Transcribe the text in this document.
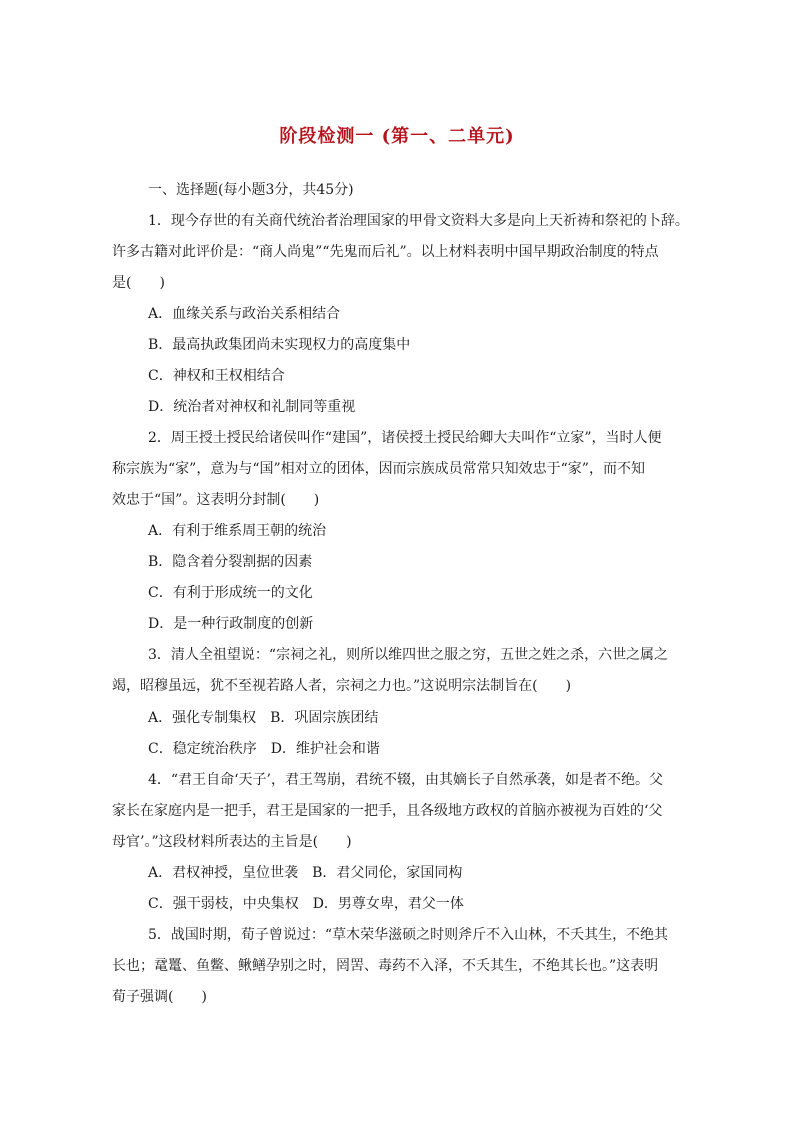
阶段检测一 (第一、二单元)
一、选择题(每小题3分，共45分)
1．现今存世的有关商代统治者治理国家的甲骨文资料大多是向上天祈祷和祭祀的卜辞。
许多古籍对此评价是：“商人尚鬼”“先鬼而后礼”。以上材料表明中国早期政治制度的特点
是(　　)
A．血缘关系与政治关系相结合
B．最高执政集团尚未实现权力的高度集中
C．神权和王权相结合
D．统治者对神权和礼制同等重视
2．周王授土授民给诸侯叫作“建国”，诸侯授土授民给卿大夫叫作“立家”，当时人便
称宗族为“家”，意为与“国”相对立的团体，因而宗族成员常常只知效忠于“家”，而不知
效忠于“国”。这表明分封制(　　)
A．有利于维系周王朝的统治
B．隐含着分裂割据的因素
C．有利于形成统一的文化
D．是一种行政制度的创新
3．清人全祖望说：“宗祠之礼，则所以维四世之服之穷，五世之姓之杀，六世之属之
竭，昭穆虽远，犹不至视若路人者，宗祠之力也。”这说明宗法制旨在(　　)
A．强化专制集权　B．巩固宗族团结
C．稳定统治秩序　D．维护社会和谐
4．“君王自命‘天子’，君王驾崩，君统不辍，由其嫡长子自然承袭，如是者不绝。父
家长在家庭内是一把手，君王是国家的一把手，且各级地方政权的首脑亦被视为百姓的‘父
母官’。”这段材料所表达的主旨是(　　)
A．君权神授，皇位世袭　B．君父同伦，家国同构
C．强干弱枝，中央集权　D．男尊女卑，君父一体
5．战国时期，荀子曾说过：“草木荣华滋硕之时则斧斤不入山林，不夭其生，不绝其
长也；鼋鼍、鱼鳖、鳅鳝孕别之时，罔罟、毒药不入泽，不夭其生，不绝其长也。”这表明
荀子强调(　　)
